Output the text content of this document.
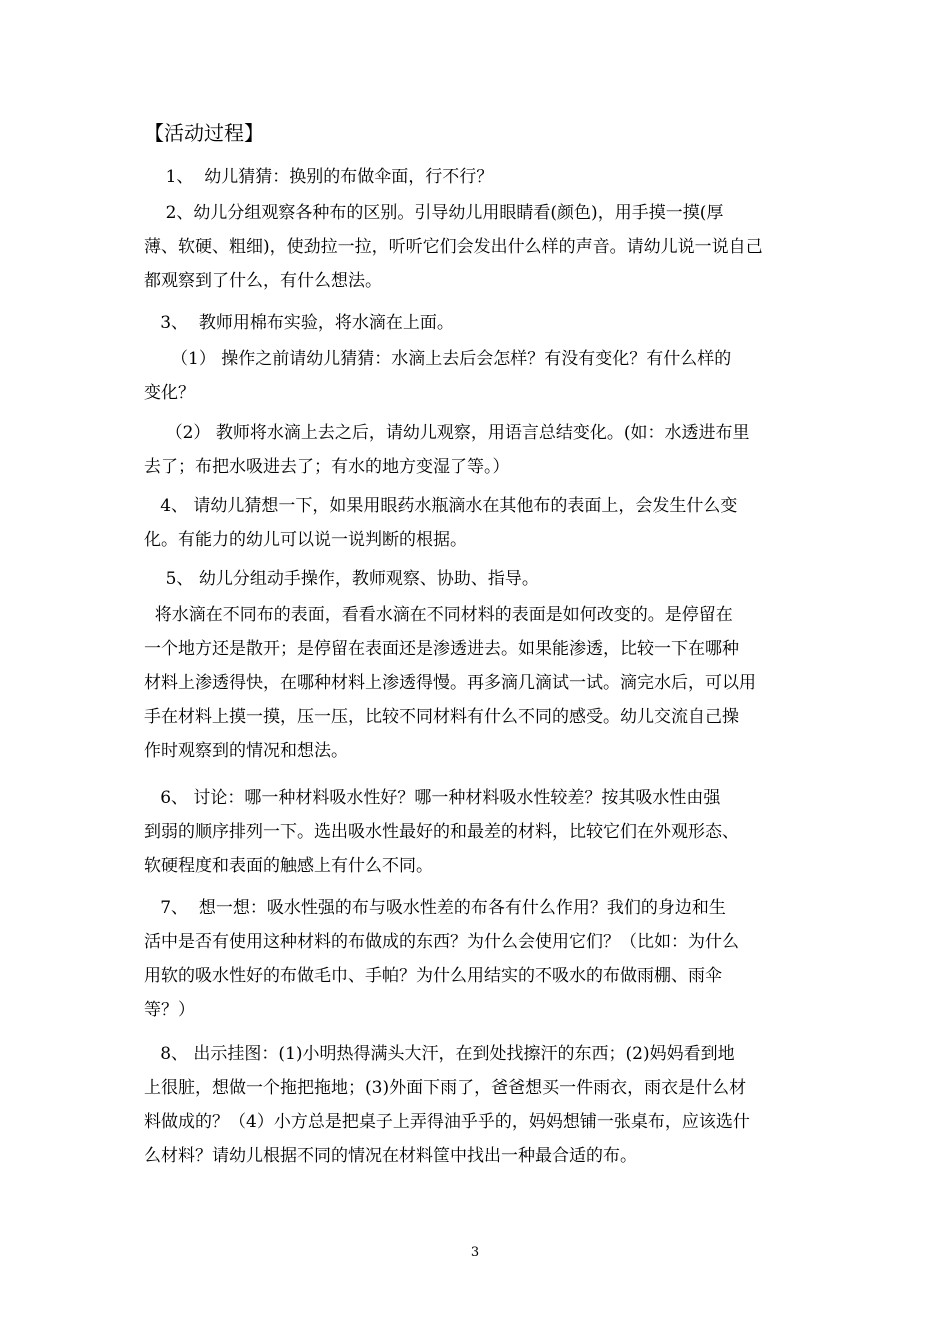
【活动过程】
1、  幼儿猜猜：换别的布做伞面，行不行？
2、幼儿分组观察各种布的区别。引导幼儿用眼睛看(颜色)，用手摸一摸(厚
薄、软硬、粗细)，使劲拉一拉，听听它们会发出什么样的声音。请幼儿说一说自己
都观察到了什么，有什么想法。
3、  教师用棉布实验，将水滴在上面。
（1） 操作之前请幼儿猜猜：水滴上去后会怎样？有没有变化？有什么样的
变化？
（2） 教师将水滴上去之后，请幼儿观察，用语言总结变化。(如：水透进布里
去了；布把水吸进去了；有水的地方变湿了等。）
4、 请幼儿猜想一下，如果用眼药水瓶滴水在其他布的表面上，会发生什么变
化。有能力的幼儿可以说一说判断的根据。
5、 幼儿分组动手操作，教师观察、协助、指导。
将水滴在不同布的表面，看看水滴在不同材料的表面是如何改变的。是停留在
一个地方还是散开；是停留在表面还是渗透进去。如果能渗透，比较一下在哪种
材料上渗透得快，在哪种材料上渗透得慢。再多滴几滴试一试。滴完水后，可以用
手在材料上摸一摸，压一压，比较不同材料有什么不同的感受。幼儿交流自己操
作时观察到的情况和想法。
6、 讨论：哪一种材料吸水性好？哪一种材料吸水性较差？按其吸水性由强
到弱的顺序排列一下。选出吸水性最好的和最差的材料，比较它们在外观形态、
软硬程度和表面的触感上有什么不同。
7、  想一想：吸水性强的布与吸水性差的布各有什么作用？我们的身边和生
活中是否有使用这种材料的布做成的东西？为什么会使用它们？（比如：为什么
用软的吸水性好的布做毛巾、手帕？为什么用结实的不吸水的布做雨棚、雨伞
等？）
8、 出示挂图：(1)小明热得满头大汗，在到处找擦汗的东西；(2)妈妈看到地
上很脏，想做一个拖把拖地；(3)外面下雨了，爸爸想买一件雨衣，雨衣是什么材
料做成的？（4）小方总是把桌子上弄得油乎乎的，妈妈想铺一张桌布，应该选什
么材料？请幼儿根据不同的情况在材料筐中找出一种最合适的布。
3
